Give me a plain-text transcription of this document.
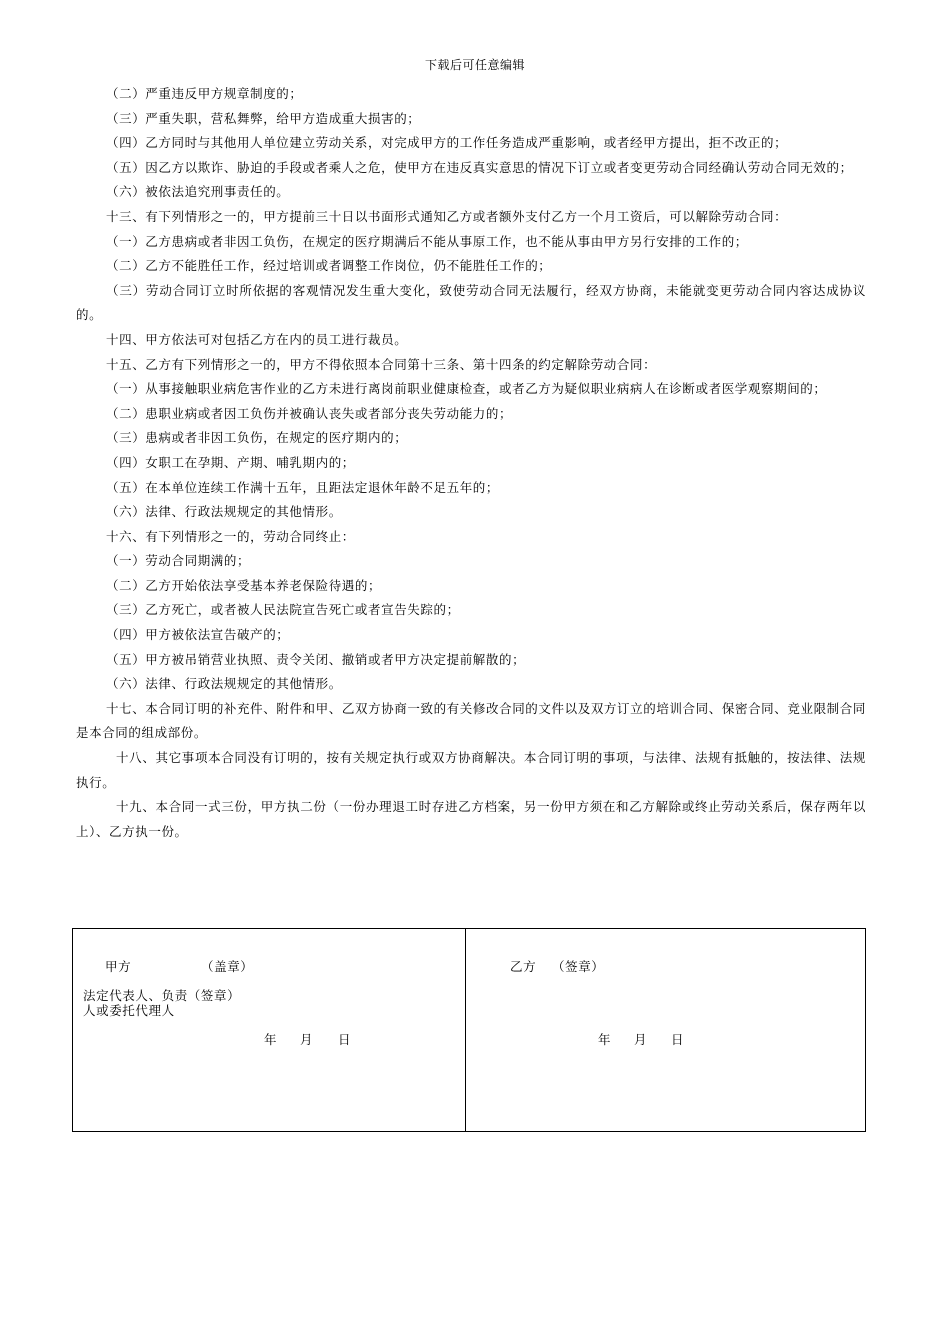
下载后可任意编辑

（二）严重违反甲方规章制度的；

（三）严重失职，营私舞弊，给甲方造成重大损害的；

（四）乙方同时与其他用人单位建立劳动关系，对完成甲方的工作任务造成严重影响，或者经甲方提出，拒不改正的；

（五）因乙方以欺诈、胁迫的手段或者乘人之危，使甲方在违反真实意思的情况下订立或者变更劳动合同经确认劳动合同无效的；

（六）被依法追究刑事责任的。

十三、有下列情形之一的，甲方提前三十日以书面形式通知乙方或者额外支付乙方一个月工资后，可以解除劳动合同：

（一）乙方患病或者非因工负伤，在规定的医疗期满后不能从事原工作，也不能从事由甲方另行安排的工作的；

（二）乙方不能胜任工作，经过培训或者调整工作岗位，仍不能胜任工作的；

（三）劳动合同订立时所依据的客观情况发生重大变化，致使劳动合同无法履行，经双方协商，未能就变更劳动合同内容达成协议的。

十四、甲方依法可对包括乙方在内的员工进行裁员。

十五、乙方有下列情形之一的，甲方不得依照本合同第十三条、第十四条的约定解除劳动合同：

（一）从事接触职业病危害作业的乙方未进行离岗前职业健康检查，或者乙方为疑似职业病病人在诊断或者医学观察期间的；

（二）患职业病或者因工负伤并被确认丧失或者部分丧失劳动能力的；

（三）患病或者非因工负伤，在规定的医疗期内的；

（四）女职工在孕期、产期、哺乳期内的；

（五）在本单位连续工作满十五年，且距法定退休年龄不足五年的；

（六）法律、行政法规规定的其他情形。

十六、有下列情形之一的，劳动合同终止：

（一）劳动合同期满的；

（二）乙方开始依法享受基本养老保险待遇的；

（三）乙方死亡，或者被人民法院宣告死亡或者宣告失踪的；

（四）甲方被依法宣告破产的；

（五）甲方被吊销营业执照、责令关闭、撤销或者甲方决定提前解散的；

（六）法律、行政法规规定的其他情形。

十七、本合同订明的补充件、附件和甲、乙双方协商一致的有关修改合同的文件以及双方订立的培训合同、保密合同、竞业限制合同是本合同的组成部份。

十八、其它事项本合同没有订明的，按有关规定执行或双方协商解决。本合同订明的事项，与法律、法规有抵触的，按法律、法规执行。

十九、本合同一式三份，甲方执二份（一份办理退工时存进乙方档案，另一份甲方须在和乙方解除或终止劳动关系后，保存两年以上）、乙方执一份。

甲方	（盖章）
法定代表人、负责（签章）
人或委托代理人
年 月 日
乙方 （签章）
年 月 日
